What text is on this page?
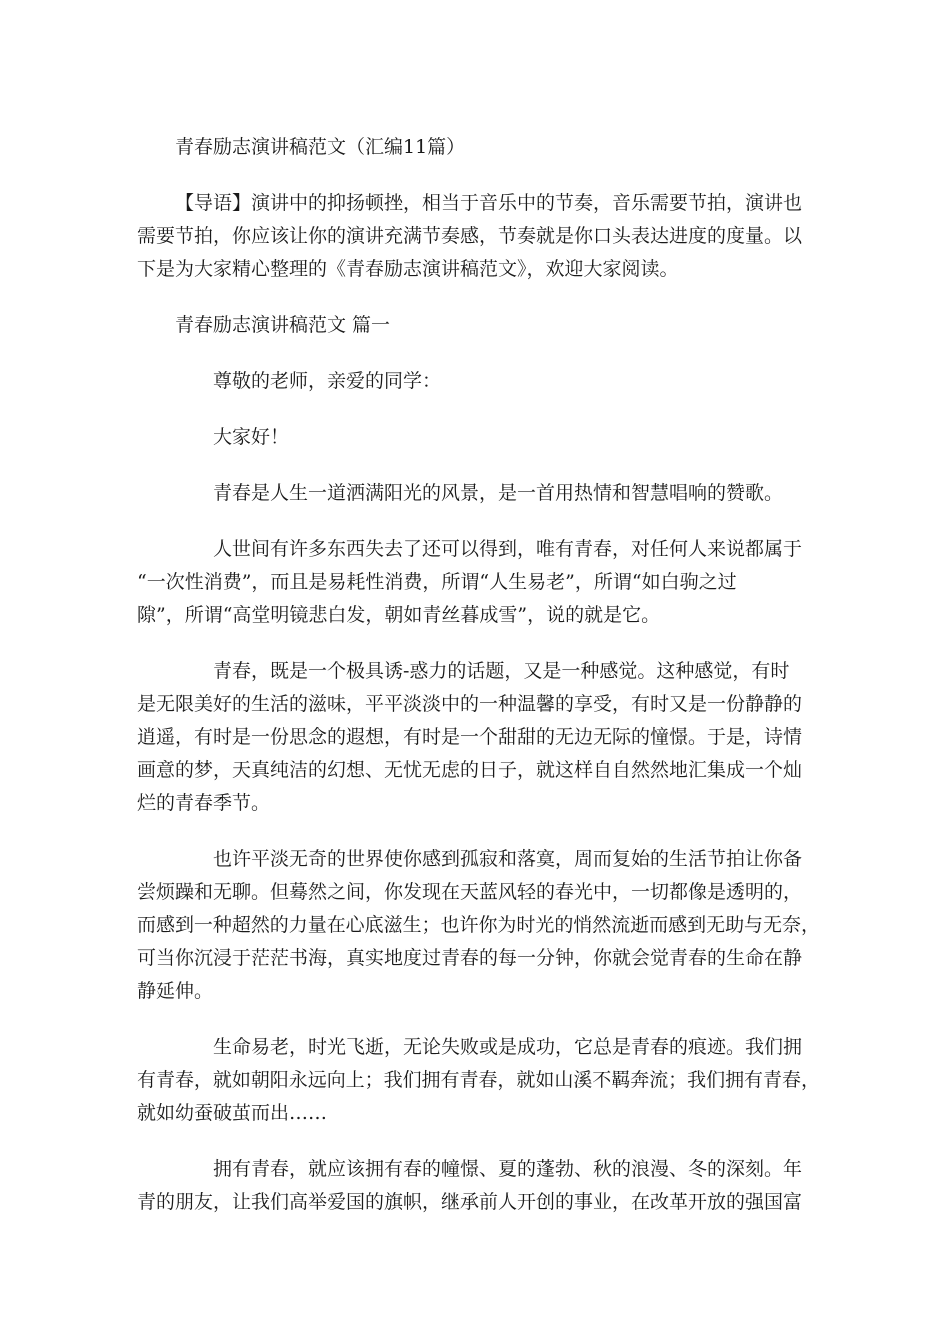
青春励志演讲稿范文（汇编11篇）

【导语】演讲中的抑扬顿挫，相当于音乐中的节奏，音乐需要节拍，演讲也

需要节拍，你应该让你的演讲充满节奏感，节奏就是你口头表达进度的度量。以

下是为大家精心整理的《青春励志演讲稿范文》，欢迎大家阅读。

青春励志演讲稿范文 篇一

尊敬的老师，亲爱的同学：

大家好！

青春是人生一道洒满阳光的风景，是一首用热情和智慧唱响的赞歌。

人世间有许多东西失去了还可以得到，唯有青春，对任何人来说都属于

“一次性消费”，而且是易耗性消费，所谓“人生易老”，所谓“如白驹之过

隙”，所谓“高堂明镜悲白发，朝如青丝暮成雪”，说的就是它。

青春，既是一个极具诱-惑力的话题，又是一种感觉。这种感觉，有时

是无限美好的生活的滋味，平平淡淡中的一种温馨的享受，有时又是一份静静的

逍遥，有时是一份思念的遐想，有时是一个甜甜的无边无际的憧憬。于是，诗情

画意的梦，天真纯洁的幻想、无忧无虑的日子，就这样自自然然地汇集成一个灿

烂的青春季节。

也许平淡无奇的世界使你感到孤寂和落寞，周而复始的生活节拍让你备

尝烦躁和无聊。但蓦然之间，你发现在天蓝风轻的春光中，一切都像是透明的，

而感到一种超然的力量在心底滋生；也许你为时光的悄然流逝而感到无助与无奈，

可当你沉浸于茫茫书海，真实地度过青春的每一分钟，你就会觉青春的生命在静

静延伸。

生命易老，时光飞逝，无论失败或是成功，它总是青春的痕迹。我们拥

有青春，就如朝阳永远向上；我们拥有青春，就如山溪不羁奔流；我们拥有青春，

就如幼蚕破茧而出……

拥有青春，就应该拥有春的幢憬、夏的蓬勃、秋的浪漫、冬的深刻。年

青的朋友，让我们高举爱国的旗帜，继承前人开创的事业，在改革开放的强国富
